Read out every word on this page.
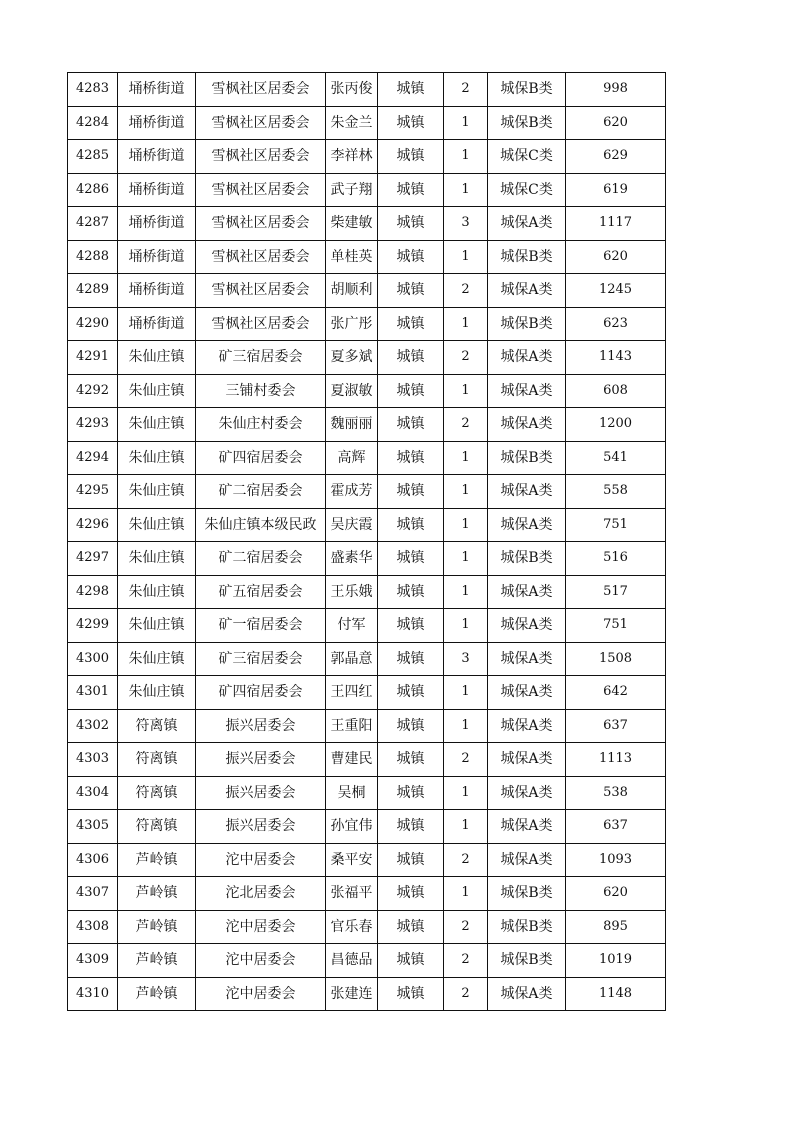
4283	埇桥街道	雪枫社区居委会	张丙俊	城镇	2	城保B类	998
4284	埇桥街道	雪枫社区居委会	朱金兰	城镇	1	城保B类	620
4285	埇桥街道	雪枫社区居委会	李祥林	城镇	1	城保C类	629
4286	埇桥街道	雪枫社区居委会	武子翔	城镇	1	城保C类	619
4287	埇桥街道	雪枫社区居委会	柴建敏	城镇	3	城保A类	1117
4288	埇桥街道	雪枫社区居委会	单桂英	城镇	1	城保B类	620
4289	埇桥街道	雪枫社区居委会	胡顺利	城镇	2	城保A类	1245
4290	埇桥街道	雪枫社区居委会	张广彤	城镇	1	城保B类	623
4291	朱仙庄镇	矿三宿居委会	夏多斌	城镇	2	城保A类	1143
4292	朱仙庄镇	三铺村委会	夏淑敏	城镇	1	城保A类	608
4293	朱仙庄镇	朱仙庄村委会	魏丽丽	城镇	2	城保A类	1200
4294	朱仙庄镇	矿四宿居委会	高辉	城镇	1	城保B类	541
4295	朱仙庄镇	矿二宿居委会	霍成芳	城镇	1	城保A类	558
4296	朱仙庄镇	朱仙庄镇本级民政	吴庆霞	城镇	1	城保A类	751
4297	朱仙庄镇	矿二宿居委会	盛素华	城镇	1	城保B类	516
4298	朱仙庄镇	矿五宿居委会	王乐娥	城镇	1	城保A类	517
4299	朱仙庄镇	矿一宿居委会	付军	城镇	1	城保A类	751
4300	朱仙庄镇	矿三宿居委会	郭晶意	城镇	3	城保A类	1508
4301	朱仙庄镇	矿四宿居委会	王四红	城镇	1	城保A类	642
4302	符离镇	振兴居委会	王重阳	城镇	1	城保A类	637
4303	符离镇	振兴居委会	曹建民	城镇	2	城保A类	1113
4304	符离镇	振兴居委会	吴桐	城镇	1	城保A类	538
4305	符离镇	振兴居委会	孙宜伟	城镇	1	城保A类	637
4306	芦岭镇	沱中居委会	桑平安	城镇	2	城保A类	1093
4307	芦岭镇	沱北居委会	张福平	城镇	1	城保B类	620
4308	芦岭镇	沱中居委会	官乐春	城镇	2	城保B类	895
4309	芦岭镇	沱中居委会	昌德品	城镇	2	城保B类	1019
4310	芦岭镇	沱中居委会	张建连	城镇	2	城保A类	1148
